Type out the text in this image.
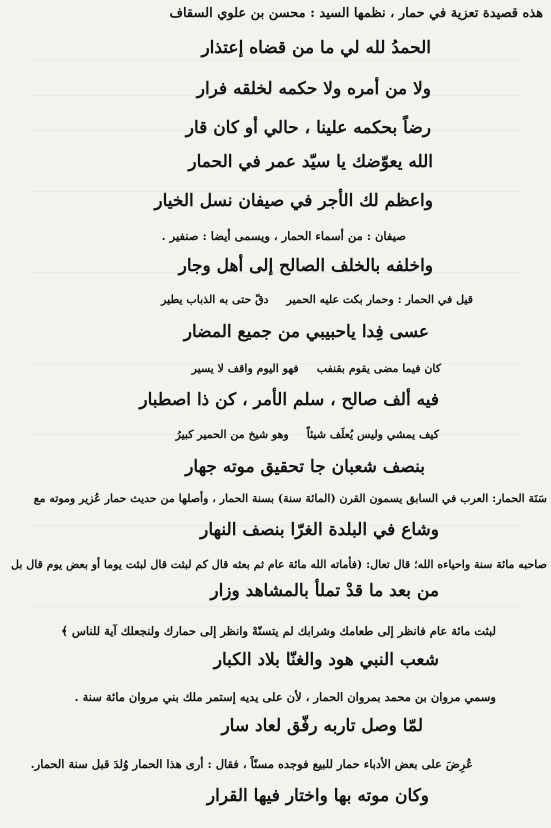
هذه قصيدة تعزية في حمار ، نظمها السيد : محسن بن علوي السقاف
الحمدُ لله لي ما من قضاه إعتذار
ولا من أمره ولا حكمه لخلقه فرار
رضاً بحكمه علينا ، حالي أو كان قار
الله يعوّضك يا سيّد عمر في الحمار
واعظم لك الأجر في صيفان نسل الخيار
صيفان : من أسماء الحمار ، ويسمى أيضا : صنفير .
واخلفه بالخلف الصالح إلى أهل وجار
قيل في الحمار : وحمار بكت عليه الحمير
دقّ حتى به الذباب يطير
عسى فِدا ياحبيبي من جميع المضار
كان فيما مضى يقوم بقنفب
فهو اليوم واقف لا يسير
فيه ألف صالح ، سلم الأمر ، كن ذا اصطبار
كيف يمشي وليس يُعلَف شيئاً
وهو شيخ من الحمير كبيرُ
بنصف شعبان جا تحقيق موته جهار
سَنَة الحمار: العرب في السابق يسمون القرن (المائة سنة) بسنة الحمار ، وأصلها من حديث حمار عُزير وموته مع
وشاع في البلدة الغرّا بنصف النهار
صاحبه مائة سنة واحياءه الله؛ قال تعال: (فأماته الله مائة عام ثم بعثه قال كم لبثت قال لبثت يوما أو بعض يوم قال بل
من بعد ما قدْ تملأ بالمشاهد وزار
لبثت مائة عام فانظر إلى طعامك وشرابك لم يتسنّهْ وانظر إلى حمارك ولنجعلك آية للناس ﴾
شعب النبي هود والغنّا بلاد الكبار
وسمي مروان بن محمد بمروان الحمار ، لأن على يديه إستمر ملك بني مروان مائة سنة .
لمّا وصل تاربه رفّق لعاد سار
عُرِضَ على بعض الأدباء حمار للبيع فوجده مسنّاً ، فقال : أرى هذا الحمار وُلدَ قبل سنة الحمار.
وكان موته بها واختار فيها القرار
